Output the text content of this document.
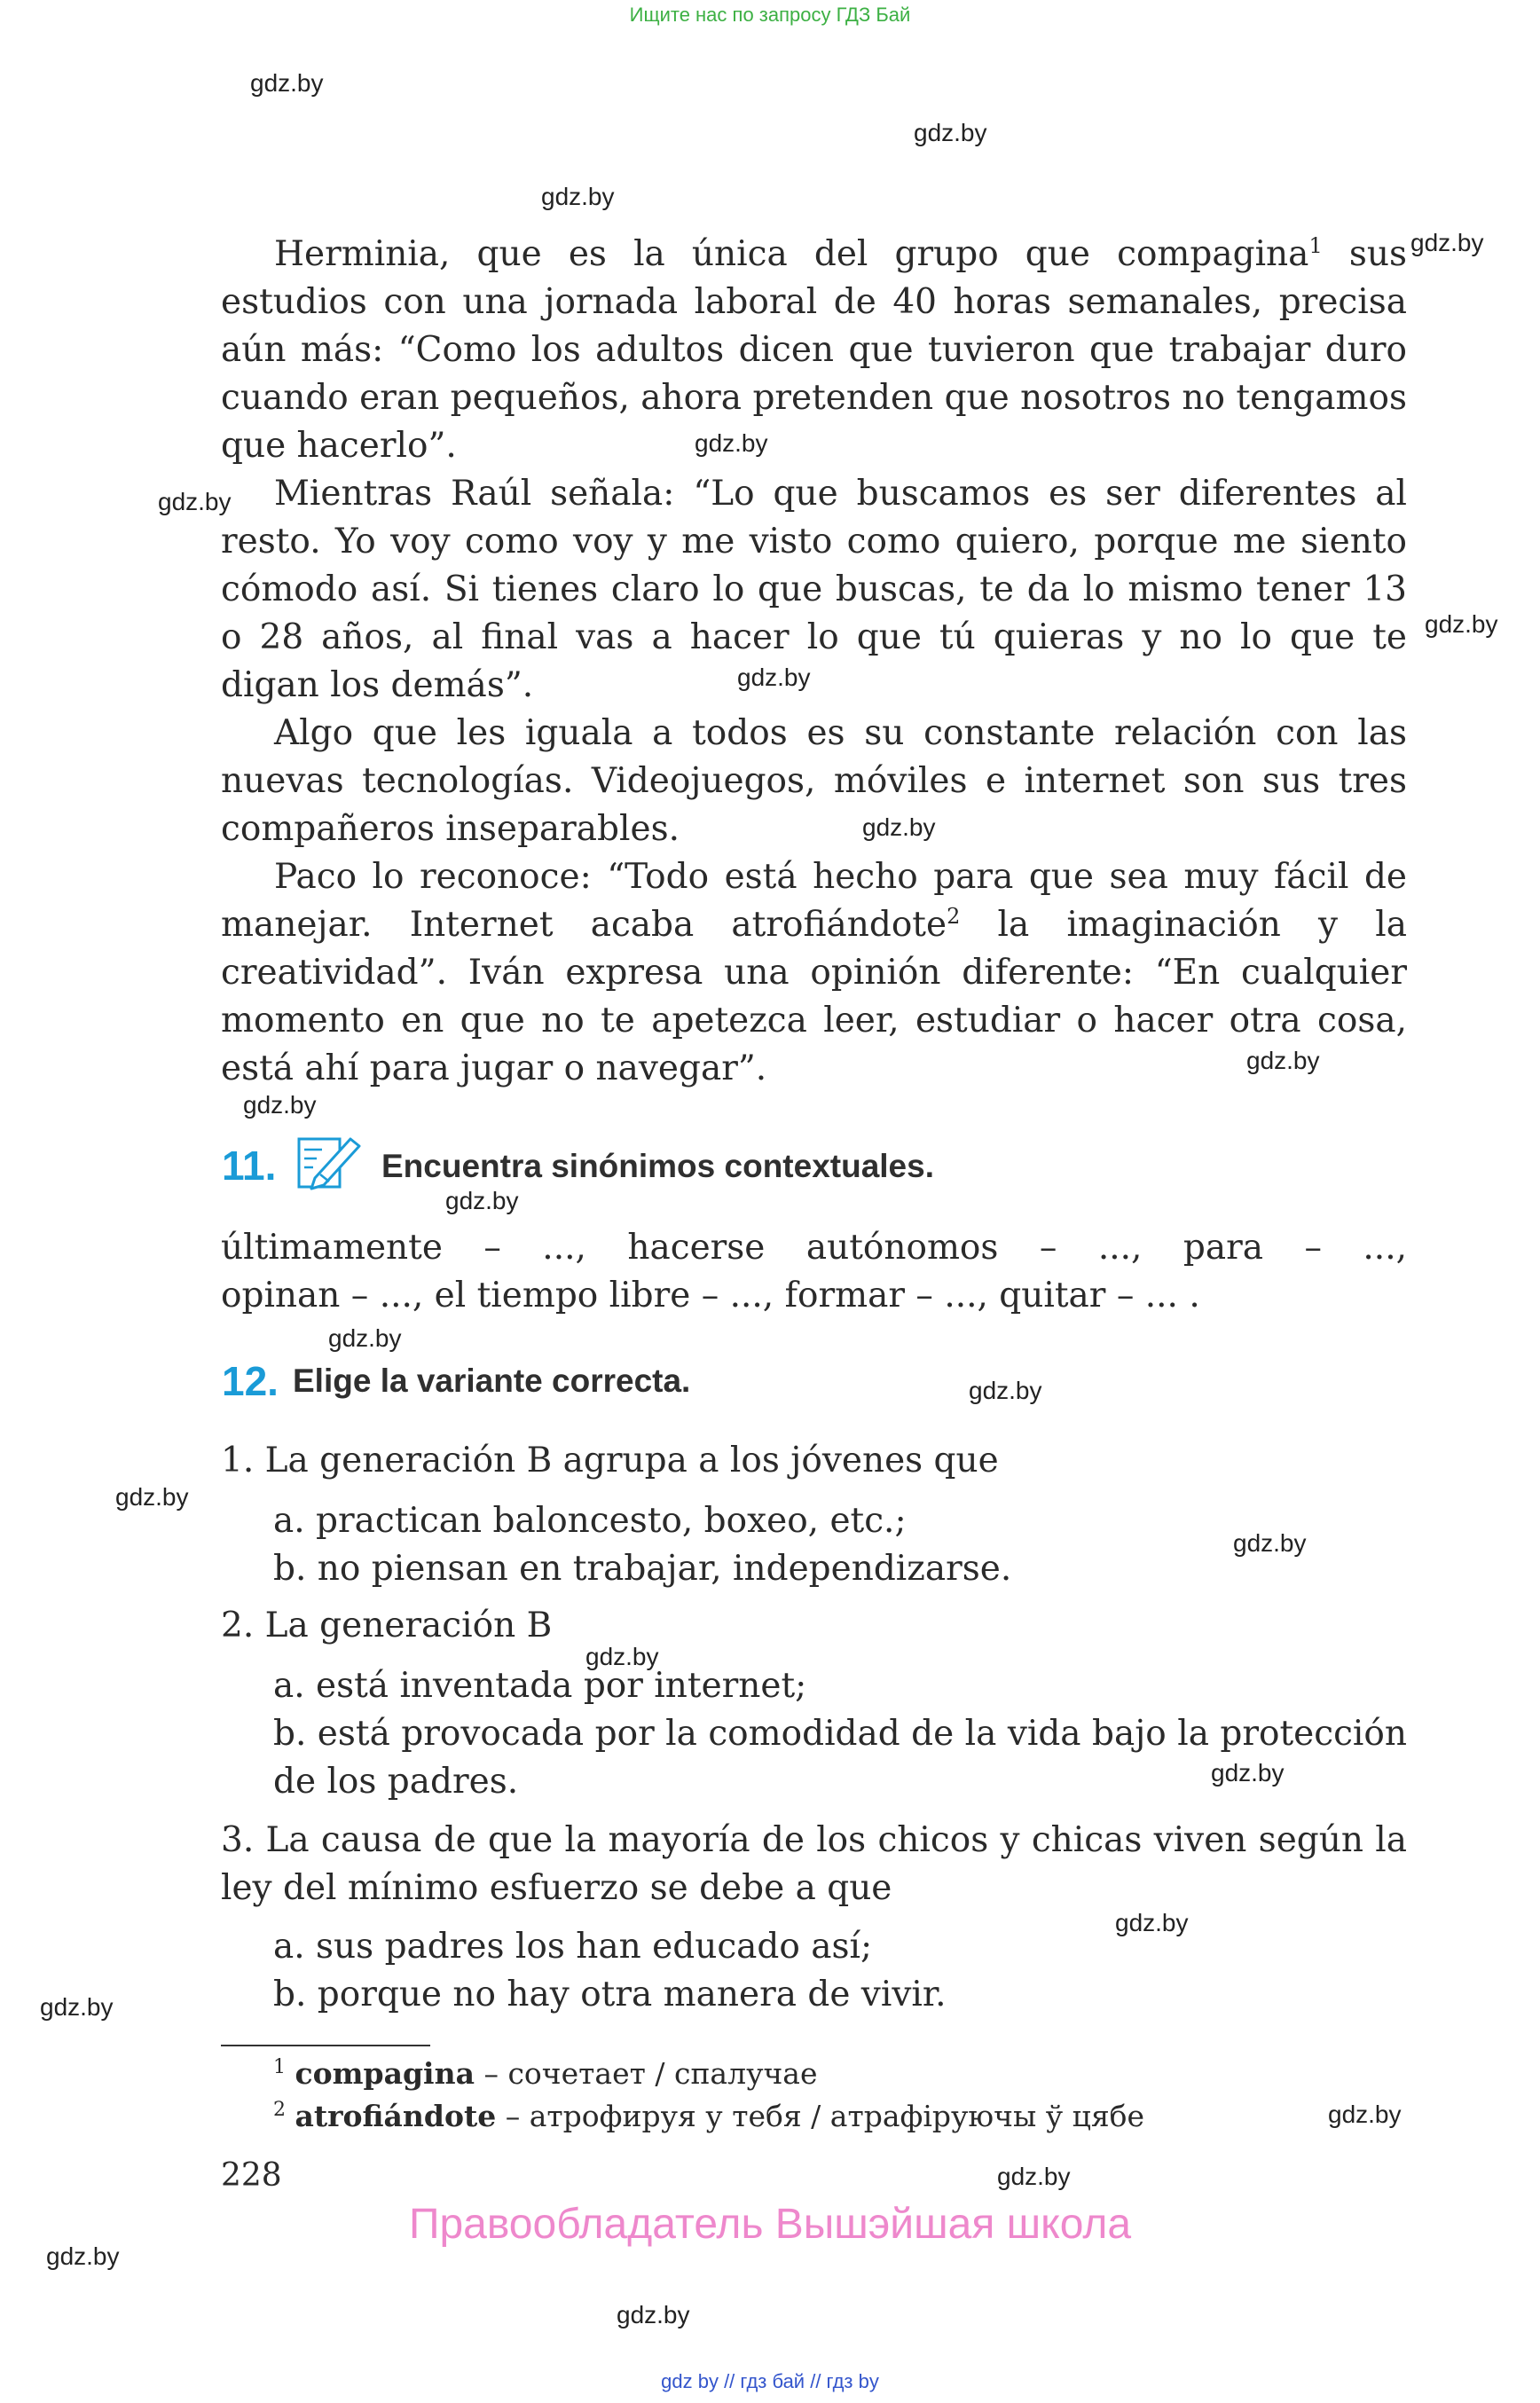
Ищите нас по запросу ГДЗ Бай
gdz.by
gdz.by
gdz.by
gdz.by
gdz.by
gdz.by
gdz.by
gdz.by
gdz.by
gdz.by
gdz.by
gdz.by
gdz.by
gdz.by
gdz.by
gdz.by
gdz.by
gdz.by
gdz.by
gdz.by
gdz.by
gdz.by
gdz.by
gdz.by

Herminia, que es la única del grupo que compagina$^1$ sus estudios con una jornada laboral de 40 horas semanales, precisa aún más: “Como los adultos dicen que tuvieron que trabajar duro cuando eran pequeños, ahora pretenden que nosotros no tengamos que hacerlo”.

Mientras Raúl señala: “Lo que buscamos es ser diferentes al resto. Yo voy como voy y me visto como quiero, porque me siento cómodo así. Si tienes claro lo que buscas, te da lo mismo tener 13 o 28 años, al final vas a hacer lo que tú quieras y no lo que te digan los demás”.

Algo que les iguala a todos es su constante relación con las nuevas tecnologías. Videojuegos, móviles e internet son sus tres compañeros inseparables.

Paco lo reconoce: “Todo está hecho para que sea muy fácil de manejar. Internet acaba atrofiándote$^2$ la imaginación y la creatividad”. Iván expresa una opinión diferente: “En cualquier momento en que no te apetezca leer, estudiar o hacer otra cosa, está ahí para jugar o navegar”.

11.	Encuentra sinónimos contextuales.
últimamente – ..., hacerse autónomos – ..., para – ...,
opinan – ..., el tiempo libre – ..., formar – ..., quitar – ... .
12. Elige la variante correcta.
1. La generación B agrupa a los jóvenes que
a. practican baloncesto, boxeo, etc.;
b. no piensan en trabajar, independizarse.
2. La generación B
a. está inventada por internet;
b. está provocada por la comodidad de la vida bajo la protección de los padres.
3. La causa de que la mayoría de los chicos y chicas viven según la ley del mínimo esfuerzo se debe a que
a. sus padres los han educado así;
b. porque no hay otra manera de vivir.
$^1$ compagina – сочетает / спалучае
$^2$ atrofiándote – атрофируя у тебя / атрафіруючы ў цябе
228
Правообладатель Вышэйшая школа
gdz by // гдз бай // гдз by
